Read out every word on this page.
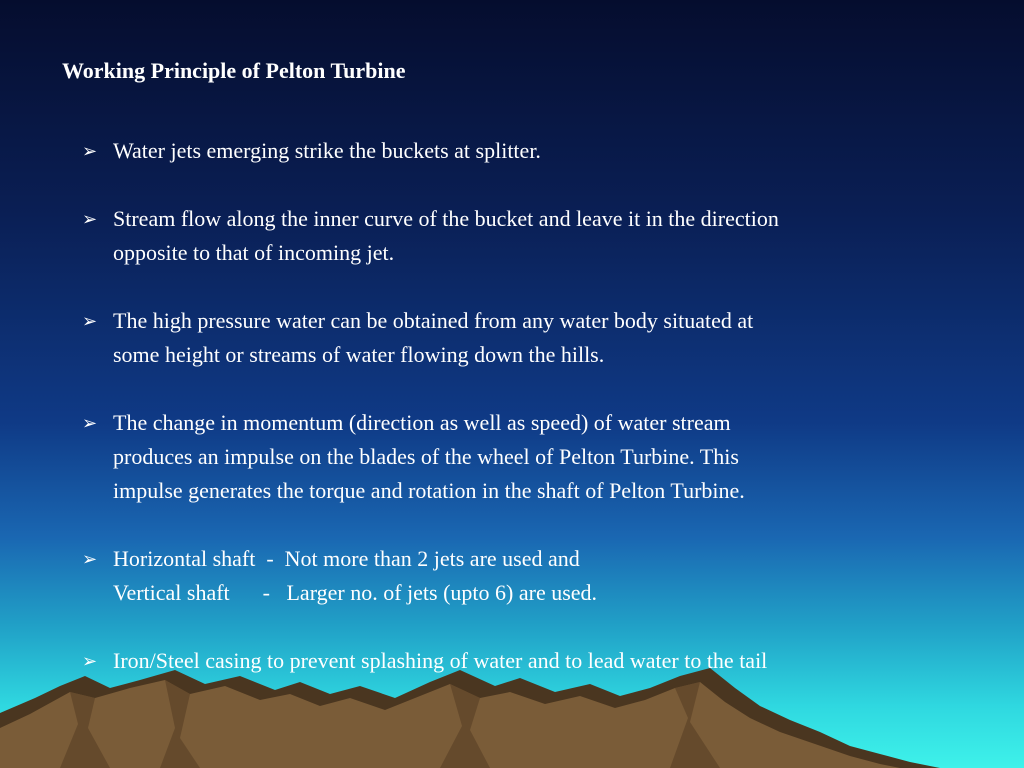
Working Principle of Pelton Turbine
➢ Water jets emerging strike the buckets at splitter.
➢ Stream flow along the inner curve of the bucket and leave it in the direction
opposite to that of incoming jet.
➢ The high pressure water can be obtained from any water body situated at
some height or streams of water flowing down the hills.
➢ The change in momentum (direction as well as speed) of water stream
produces an impulse on the blades of the wheel of Pelton Turbine. This
impulse generates the torque and rotation in the shaft of Pelton Turbine.
➢ Horizontal shaft  -  Not more than 2 jets are used and
Vertical shaft      -   Larger no. of jets (upto 6) are used.
➢ Iron/Steel casing to prevent splashing of water and to lead water to the tail
